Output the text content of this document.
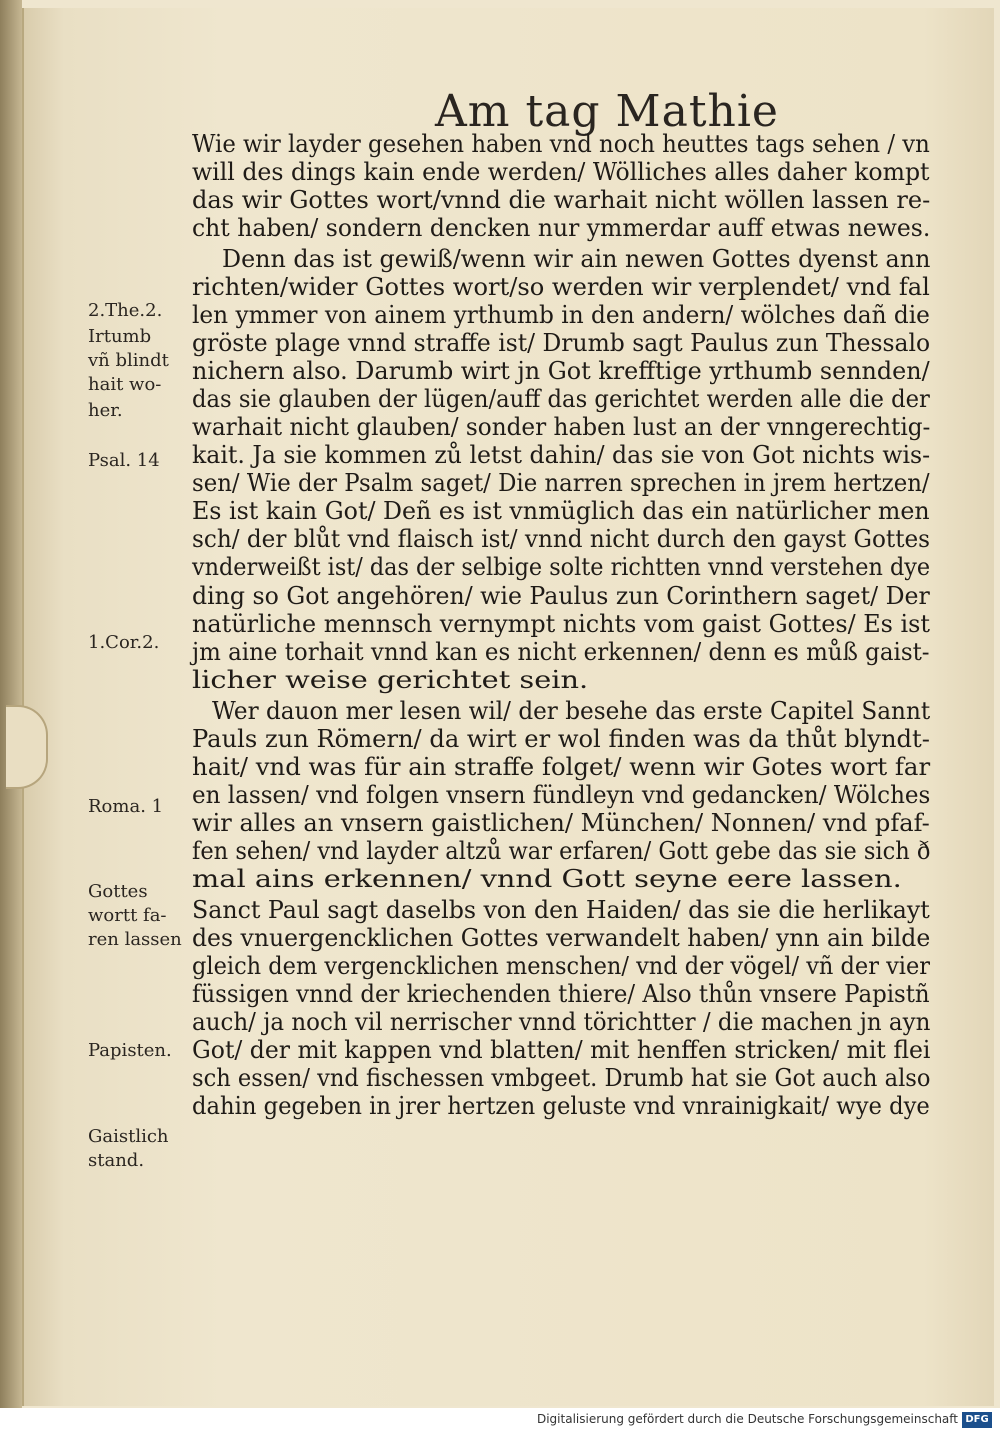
Am tag Mathie
Wie wir layder gesehen haben vnd noch heuttes tags sehen / vn
will des dings kain ende werden/ Wölliches alles daher kompt
das wir Gottes wort/vnnd die warhait nicht wöllen lassen re-
cht haben/ sondern dencken nur ymmerdar auff etwas newes.
Denn das ist gewiß/wenn wir ain newen Gottes dyenst ann
richten/wider Gottes wort/so werden wir verplendet/ vnd fal
len ymmer von ainem yrthumb in den andern/ wölches dañ die
gröste plage vnnd straffe ist/ Drumb sagt Paulus zun Thessalo
nichern also. Darumb wirt jn Got krefftige yrthumb sennden/
das sie glauben der lügen/auff das gerichtet werden alle die der
warhait nicht glauben/ sonder haben lust an der vnngerechtig-
kait. Ja sie kommen zů letst dahin/ das sie von Got nichts wis-
sen/ Wie der Psalm saget/ Die narren sprechen in jrem hertzen/
Es ist kain Got/ Deñ es ist vnmüglich das ein natürlicher men
sch/ der blůt vnd flaisch ist/ vnnd nicht durch den gayst Gottes
vnderweißt ist/ das der selbige solte richtten vnnd verstehen dye
ding so Got angehören/ wie Paulus zun Corinthern saget/ Der
natürliche mennsch vernympt nichts vom gaist Gottes/ Es ist
jm aine torhait vnnd kan es nicht erkennen/ denn es můß gaist-
licher weise gerichtet sein.
Wer dauon mer lesen wil/ der besehe das erste Capitel Sannt
Pauls zun Römern/ da wirt er wol finden was da thůt blyndt-
hait/ vnd was für ain straffe folget/ wenn wir Gotes wort far
en lassen/ vnd folgen vnsern fündleyn vnd gedancken/ Wölches
wir alles an vnsern gaistlichen/ München/ Nonnen/ vnd pfaf-
fen sehen/ vnd layder altzů war erfaren/ Gott gebe das sie sich ð
mal ains erkennen/ vnnd Gott seyne eere lassen.
Sanct Paul sagt daselbs von den Haiden/ das sie die herlikayt
des vnuergencklichen Gottes verwandelt haben/ ynn ain bilde
gleich dem vergencklichen menschen/ vnd der vögel/ vñ der vier
füssigen vnnd der kriechenden thiere/ Also thůn vnsere Papistñ
auch/ ja noch vil nerrischer vnnd törichtter / die machen jn ayn
Got/ der mit kappen vnd blatten/ mit henffen stricken/ mit flei
sch essen/ vnd fischessen vmbgeet. Drumb hat sie Got auch also
dahin gegeben in jrer hertzen geluste vnd vnrainigkait/ wye dye
2.The.2.
Irtumb
vñ blindt
hait wo-
her.
Psal. 14
1.Cor.2.
Roma. 1
Gottes
wortt fa-
ren lassen
Papisten.
Gaistlich
stand.
Digitalisierung gefördert durch die Deutsche Forschungsgemeinschaft DFG
